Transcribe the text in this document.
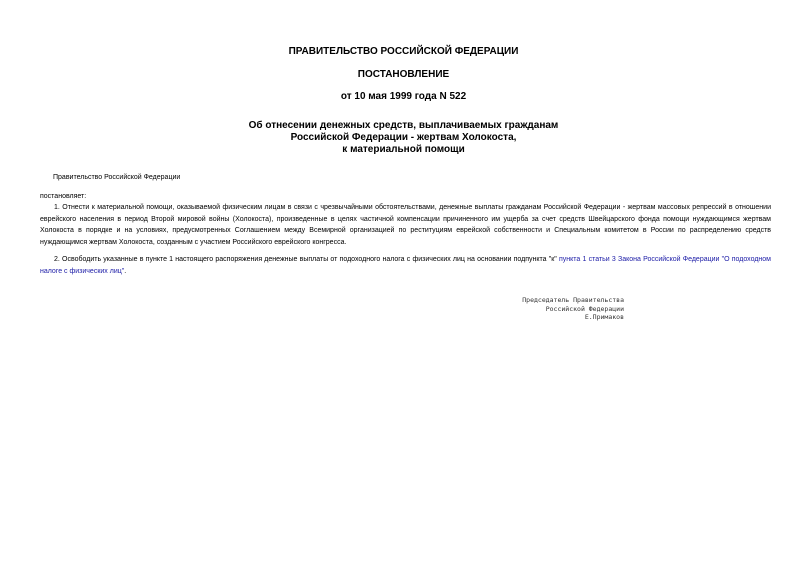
ПРАВИТЕЛЬСТВО РОССИЙСКОЙ ФЕДЕРАЦИИ
ПОСТАНОВЛЕНИЕ
от 10 мая 1999 года N 522
Об отнесении денежных средств, выплачиваемых гражданам
Российской Федерации - жертвам Холокоста,
к материальной помощи
Правительство Российской Федерации
постановляет:
1. Отнести к материальной помощи, оказываемой физическим лицам в связи с чрезвычайными обстоятельствами, денежные выплаты гражданам Российской Федерации - жертвам массовых репрессий в отношении еврейского населения в период Второй мировой войны (Холокоста), произведенные в целях частичной компенсации причиненного им ущерба за счет средств Швейцарского фонда помощи нуждающимся жертвам Холокоста в порядке и на условиях, предусмотренных Соглашением между Всемирной организацией по реституциям еврейской собственности и Специальным комитетом в России по распределению средств нуждающимся жертвам Холокоста, созданным с участием Российского еврейского конгресса.
2. Освободить указанные в пункте 1 настоящего распоряжения денежные выплаты от подоходного налога с физических лиц на основании подпункта "к" пункта 1 статьи 3 Закона Российской Федерации "О подоходном налоге с физических лиц".
Председатель Правительства
Российской Федерации
Е.Примаков
